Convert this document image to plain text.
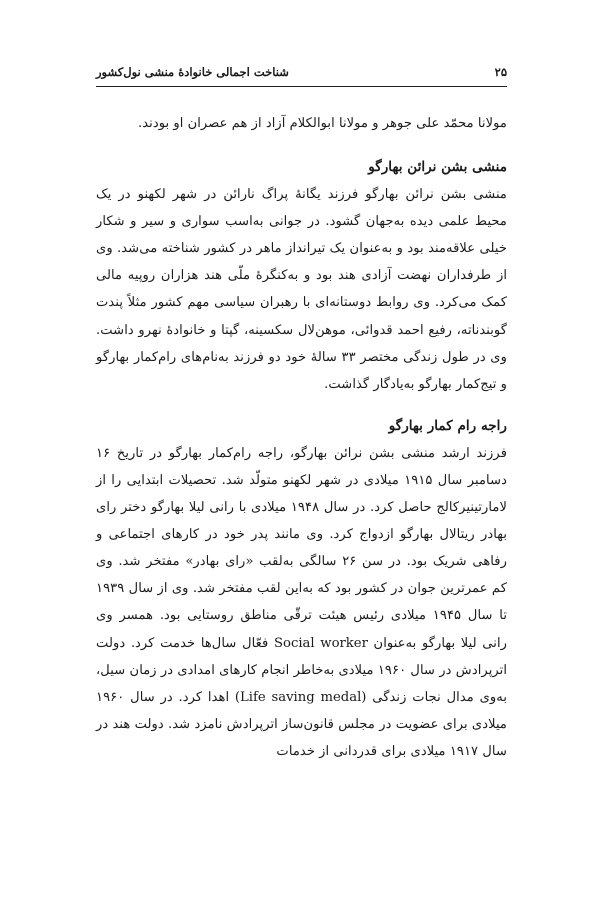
۲۵
شناخت اجمالی خانوادهٔ منشی نول‌کشور

مولانا محمّد علی جوهر و مولانا ابوالکلام آزاد از هم عصران او بودند.

منشی بشن نرائن بهارگو

منشی بشن نرائن بهارگو فرزند یگانهٔ پراگ نارائن در شهر لکهنو در یک محیط علمی دیده به‌جهان گشود. در جوانی به‌اسب سواری و سیر و شکار خیلی علاقه‌مند بود و به‌عنوان یک تیرانداز ماهر در کشور شناخته می‌شد. وی از طرفداران نهضت آزادی هند بود و به‌کنگرهٔ ملّی هند هزاران روپیه مالی کمک می‌کرد. وی روابط دوستانه‌ای با رهبران سیاسی مهم کشور مثلاً پندت گوبندناته، رفیع احمد قدوائی، موهن‌لال سکسینه، گپتا و خانوادهٔ نهرو داشت. وی در طول زندگی مختصر ۳۳ سالهٔ خود دو فرزند به‌نام‌های رام‌کمار بهارگو و تیج‌کمار بهارگو به‌یادگار گذاشت.

راجه رام کمار بهارگو

فرزند ارشد منشی بشن نرائن بهارگو، راجه رام‌کمار بهارگو در تاریخ ۱۶ دسامبر سال ۱۹۱۵ میلادی در شهر لکهنو متولّد شد. تحصیلات ابتدایی را از لامارتینیرکالج حاصل کرد. در سال ۱۹۴۸ میلادی با رانی لیلا بهارگو دختر رای بهادر ریتالال بهارگو ازدواج کرد. وی مانند پدر خود در کارهای اجتماعی و رفاهی شریک بود. در سن ۲۶ سالگی به‌لقب «رای بهادر» مفتخر شد. وی کم عمرترین جوان در کشور بود که به‌این لقب مفتخر شد. وی از سال ۱۹۳۹ تا سال ۱۹۴۵ میلادی رئیس هیئت ترقّی مناطق روستایی بود. همسر وی رانی لیلا بهارگو به‌عنوان Social worker فعّال سال‌ها خدمت کرد. دولت اترپرادش در سال ۱۹۶۰ میلادی به‌خاطر انجام کارهای امدادی در زمان سیل، به‌وی مدال نجات زندگی (Life saving medal) اهدا کرد. در سال ۱۹۶۰ میلادی برای عضویت در مجلس قانون‌ساز اترپرادش نامزد شد. دولت هند در سال ۱۹۱۷ میلادی برای قدردانی از خدمات
